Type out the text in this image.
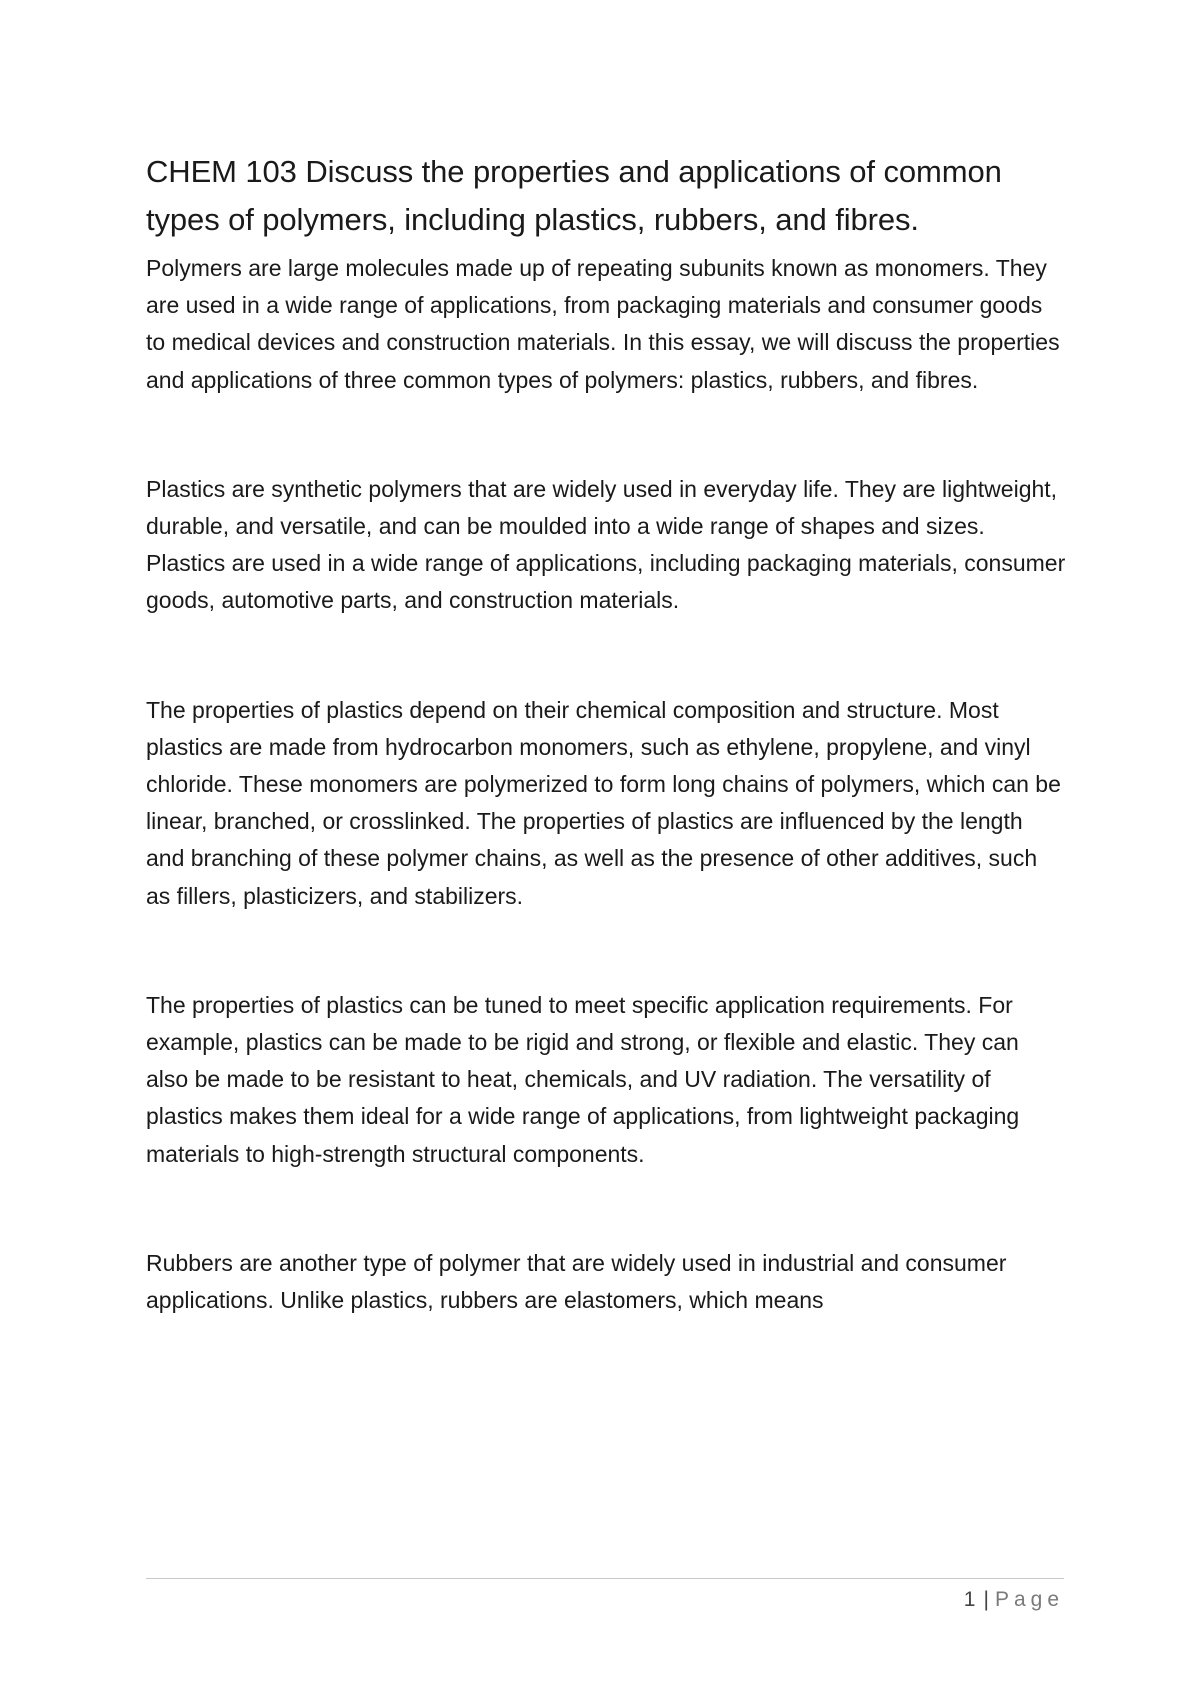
CHEM 103 Discuss the properties and applications of common types of polymers, including plastics, rubbers, and fibres.

Polymers are large molecules made up of repeating subunits known as monomers. They are used in a wide range of applications, from packaging materials and consumer goods to medical devices and construction materials. In this essay, we will discuss the properties and applications of three common types of polymers: plastics, rubbers, and fibres.

Plastics are synthetic polymers that are widely used in everyday life. They are lightweight, durable, and versatile, and can be moulded into a wide range of shapes and sizes. Plastics are used in a wide range of applications, including packaging materials, consumer goods, automotive parts, and construction materials.

The properties of plastics depend on their chemical composition and structure. Most plastics are made from hydrocarbon monomers, such as ethylene, propylene, and vinyl chloride. These monomers are polymerized to form long chains of polymers, which can be linear, branched, or crosslinked. The properties of plastics are influenced by the length and branching of these polymer chains, as well as the presence of other additives, such as fillers, plasticizers, and stabilizers.

The properties of plastics can be tuned to meet specific application requirements. For example, plastics can be made to be rigid and strong, or flexible and elastic. They can also be made to be resistant to heat, chemicals, and UV radiation. The versatility of plastics makes them ideal for a wide range of applications, from lightweight packaging materials to high-strength structural components.

Rubbers are another type of polymer that are widely used in industrial and consumer applications. Unlike plastics, rubbers are elastomers, which means

1 | Page
